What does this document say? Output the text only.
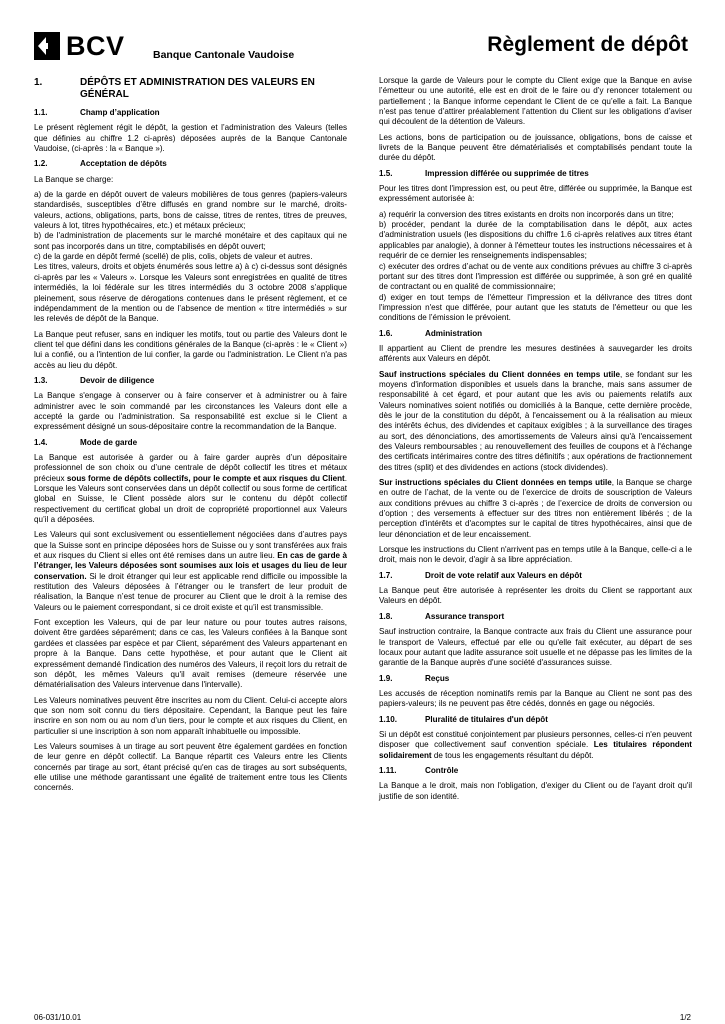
BCV	Banque Cantonale Vaudoise	Règlement de dépôt
1.	DÉPÔTS ET ADMINISTRATION DES VALEURS EN GÉNÉRAL
1.1.	Champ d’application

Le présent règlement régit le dépôt, la gestion et l’administration des Valeurs (telles que définies au chiffre 1.2 ci-après) déposées auprès de la Banque Cantonale Vaudoise, (ci-après : la « Banque »).

1.2.	Acceptation de dépôts

La Banque se charge:

a) de la garde en dépôt ouvert de valeurs mobilières de tous genres (papiers-valeurs standardisés, susceptibles d’être diffusés en grand nombre sur le marché, droits-valeurs, actions, obligations, parts, bons de caisse, titres de rentes, titres de preuves, valeurs à lot, titres hypothécaires, etc.) et métaux précieux;

b) de l'administration de placements sur le marché monétaire et des capitaux qui ne sont pas incorporés dans un titre, comptabilisés en dépôt ouvert;

c) de la garde en dépôt fermé (scellé) de plis, colis, objets de valeur et autres.

Les titres, valeurs, droits et objets énumérés sous lettre a) à c) ci-dessus sont désignés ci-après par les « Valeurs ». Lorsque les Valeurs sont enregistrées en qualité de titres intermédiés, la loi fédérale sur les titres intermédiés du 3 octobre 2008 s’applique pleinement, sous réserve de dérogations contenues dans le présent règlement, et ce indépendamment de la mention ou de l’absence de mention « titre intermédiés » sur les relevés de dépôt de la Banque.

La Banque peut refuser, sans en indiquer les motifs, tout ou partie des Valeurs dont le client tel que défini dans les conditions générales de la Banque (ci-après : le « Client ») lui a confié, ou a l'intention de lui confier, la garde ou l'administration. Le Client n'a pas accès au lieu du dépôt.

1.3.	Devoir de diligence

La Banque s'engage à conserver ou à faire conserver et à administrer ou à faire administrer avec le soin commandé par les circonstances les Valeurs dont elle a accepté la garde ou l'administration. Sa responsabilité est exclue si le Client a expressément désigné un sous-dépositaire contre la recommandation de la Banque.

1.4.	Mode de garde

La Banque est autorisée à garder ou à faire garder auprès d’un dépositaire professionnel de son choix ou d’une centrale de dépôt collectif les titres et métaux précieux sous forme de dépôts collectifs, pour le compte et aux risques du Client. Lorsque les Valeurs sont conservées dans un dépôt collectif ou sous forme de certificat global en Suisse, le Client possède alors sur le contenu du dépôt collectif respectivement du certificat global un droit de copropriété proportionnel aux Valeurs qu’il a déposées.

Les Valeurs qui sont exclusivement ou essentiellement négociées dans d’autres pays que la Suisse sont en principe déposées hors de Suisse ou y sont transférées aux frais et aux risques du Client si elles ont été remises dans un autre lieu. En cas de garde à l’étranger, les Valeurs déposées sont soumises aux lois et usages du lieu de leur conservation. Si le droit étranger qui leur est applicable rend difficile ou impossible la restitution des Valeurs déposées à l’étranger ou le transfert de leur produit de réalisation, la Banque n’est tenue de procurer au Client que le droit à la remise des Valeurs ou le paiement correspondant, si ce droit existe et qu’il est transmissible.

Font exception les Valeurs, qui de par leur nature ou pour toutes autres raisons, doivent être gardées séparément; dans ce cas, les Valeurs confiées à la Banque sont gardées et classées par espèce et par Client, séparément des Valeurs appartenant en propre à la Banque. Dans cette hypothèse, et pour autant que le Client ait expressément demandé l'indication des numéros des Valeurs, il reçoit lors du retrait de son dépôt, les mêmes Valeurs qu'il avait remises (demeure réservée une dématérialisation des Valeurs intervenue dans l'intervalle).

Les Valeurs nominatives peuvent être inscrites au nom du Client. Celui-ci accepte alors que son nom soit connu du tiers dépositaire. Cependant, la Banque peut les faire inscrire en son nom ou au nom d’un tiers, pour le compte et aux risques du Client, en particulier si une inscription à son nom apparaît inhabituelle ou impossible.

Les Valeurs soumises à un tirage au sort peuvent être également gardées en fonction de leur genre en dépôt collectif. La Banque répartit ces Valeurs entre les Clients concernés par tirage au sort, étant précisé qu'en cas de tirages au sort subséquents, elle utilise une méthode garantissant une égalité de traitement entre tous les Clients concernés.

Lorsque la garde de Valeurs pour le compte du Client exige que la Banque en avise l’émetteur ou une autorité, elle est en droit de le faire ou d’y renoncer totalement ou partiellement ; la Banque informe cependant le Client de ce qu’elle a fait. La Banque n’est pas tenue d’attirer préalablement l’attention du Client sur les obligations d’aviser qui découlent de la détention de Valeurs.

Les actions, bons de participation ou de jouissance, obligations, bons de caisse et livrets de la Banque peuvent être dématérialisés et comptabilisés pendant toute la durée du dépôt.

1.5.	Impression différée ou supprimée de titres

Pour les titres dont l'impression est, ou peut être, différée ou supprimée, la Banque est expressément autorisée à:

a) requérir la conversion des titres existants en droits non incorporés dans un titre;

b) procéder, pendant la durée de la comptabilisation dans le dépôt, aux actes d'administration usuels (les dispositions du chiffre 1.6 ci-après relatives aux titres étant applicables par analogie), à donner à l'émetteur toutes les instructions nécessaires et à requérir de ce dernier les renseignements indispensables;

c) exécuter des ordres d’achat ou de vente aux conditions prévues au chiffre 3 ci-après portant sur des titres dont l'impression est différée ou supprimée, à son gré en qualité de contractant ou en qualité de commissionnaire;

d) exiger en tout temps de l'émetteur l'impression et la délivrance des titres dont l'impression n'est que différée, pour autant que les statuts de l'émetteur ou que les conditions de l’émission le prévoient.

1.6.	Administration

Il appartient au Client de prendre les mesures destinées à sauvegarder les droits afférents aux Valeurs en dépôt.

Sauf instructions spéciales du Client données en temps utile, se fondant sur les moyens d'information disponibles et usuels dans la branche, mais sans assumer de responsabilité à cet égard, et pour autant que les avis ou paiements relatifs aux Valeurs nominatives soient notifiés ou domiciliés à la Banque, cette dernière procède, dès le jour de la constitution du dépôt, à l'encaissement ou à la réalisation au mieux des intérêts échus, des dividendes et capitaux exigibles ; à la surveillance des tirages au sort, des dénonciations, des amortissements de Valeurs ainsi qu'à l'encaissement des Valeurs remboursables ; au renouvellement des feuilles de coupons et à l'échange des certificats intérimaires contre des titres définitifs ; aux opérations de fractionnement des titres (split) et des dividendes en actions (stock dividendes).

Sur instructions spéciales du Client données en temps utile, la Banque se charge en outre de l’achat, de la vente ou de l’exercice de droits de souscription de Valeurs aux conditions prévues au chiffre 3 ci-après ; de l’exercice de droits de conversion ou d’option ; des versements à effectuer sur des titres non entièrement libérés ; de la perception d'intérêts et d'acomptes sur le capital de titres hypothécaires, ainsi que de leur dénonciation et de leur encaissement.

Lorsque les instructions du Client n'arrivent pas en temps utile à la Banque, celle-ci a le droit, mais non le devoir, d'agir à sa libre appréciation.

1.7.	Droit de vote relatif aux Valeurs en dépôt

La Banque peut être autorisée à représenter les droits du Client se rapportant aux Valeurs en dépôt.

1.8.	Assurance transport

Sauf instruction contraire, la Banque contracte aux frais du Client une assurance pour le transport de Valeurs, effectué par elle ou qu'elle fait exécuter, au départ de ses locaux pour autant que ladite assurance soit usuelle et ne dépasse pas les limites de la garantie de la Banque auprès d'une société d'assurances suisse.

1.9.	Reçus

Les accusés de réception nominatifs remis par la Banque au Client ne sont pas des papiers-valeurs; ils ne peuvent pas être cédés, donnés en gage ou négociés.

1.10.	Pluralité de titulaires d'un dépôt

Si un dépôt est constitué conjointement par plusieurs personnes, celles-ci n'en peuvent disposer que collectivement sauf convention spéciale. Les titulaires répondent solidairement de tous les engagements résultant du dépôt.

1.11.	Contrôle

La Banque a le droit, mais non l'obligation, d'exiger du Client ou de l'ayant droit qu'il justifie de son identité.

06-031/10.01	1/2
